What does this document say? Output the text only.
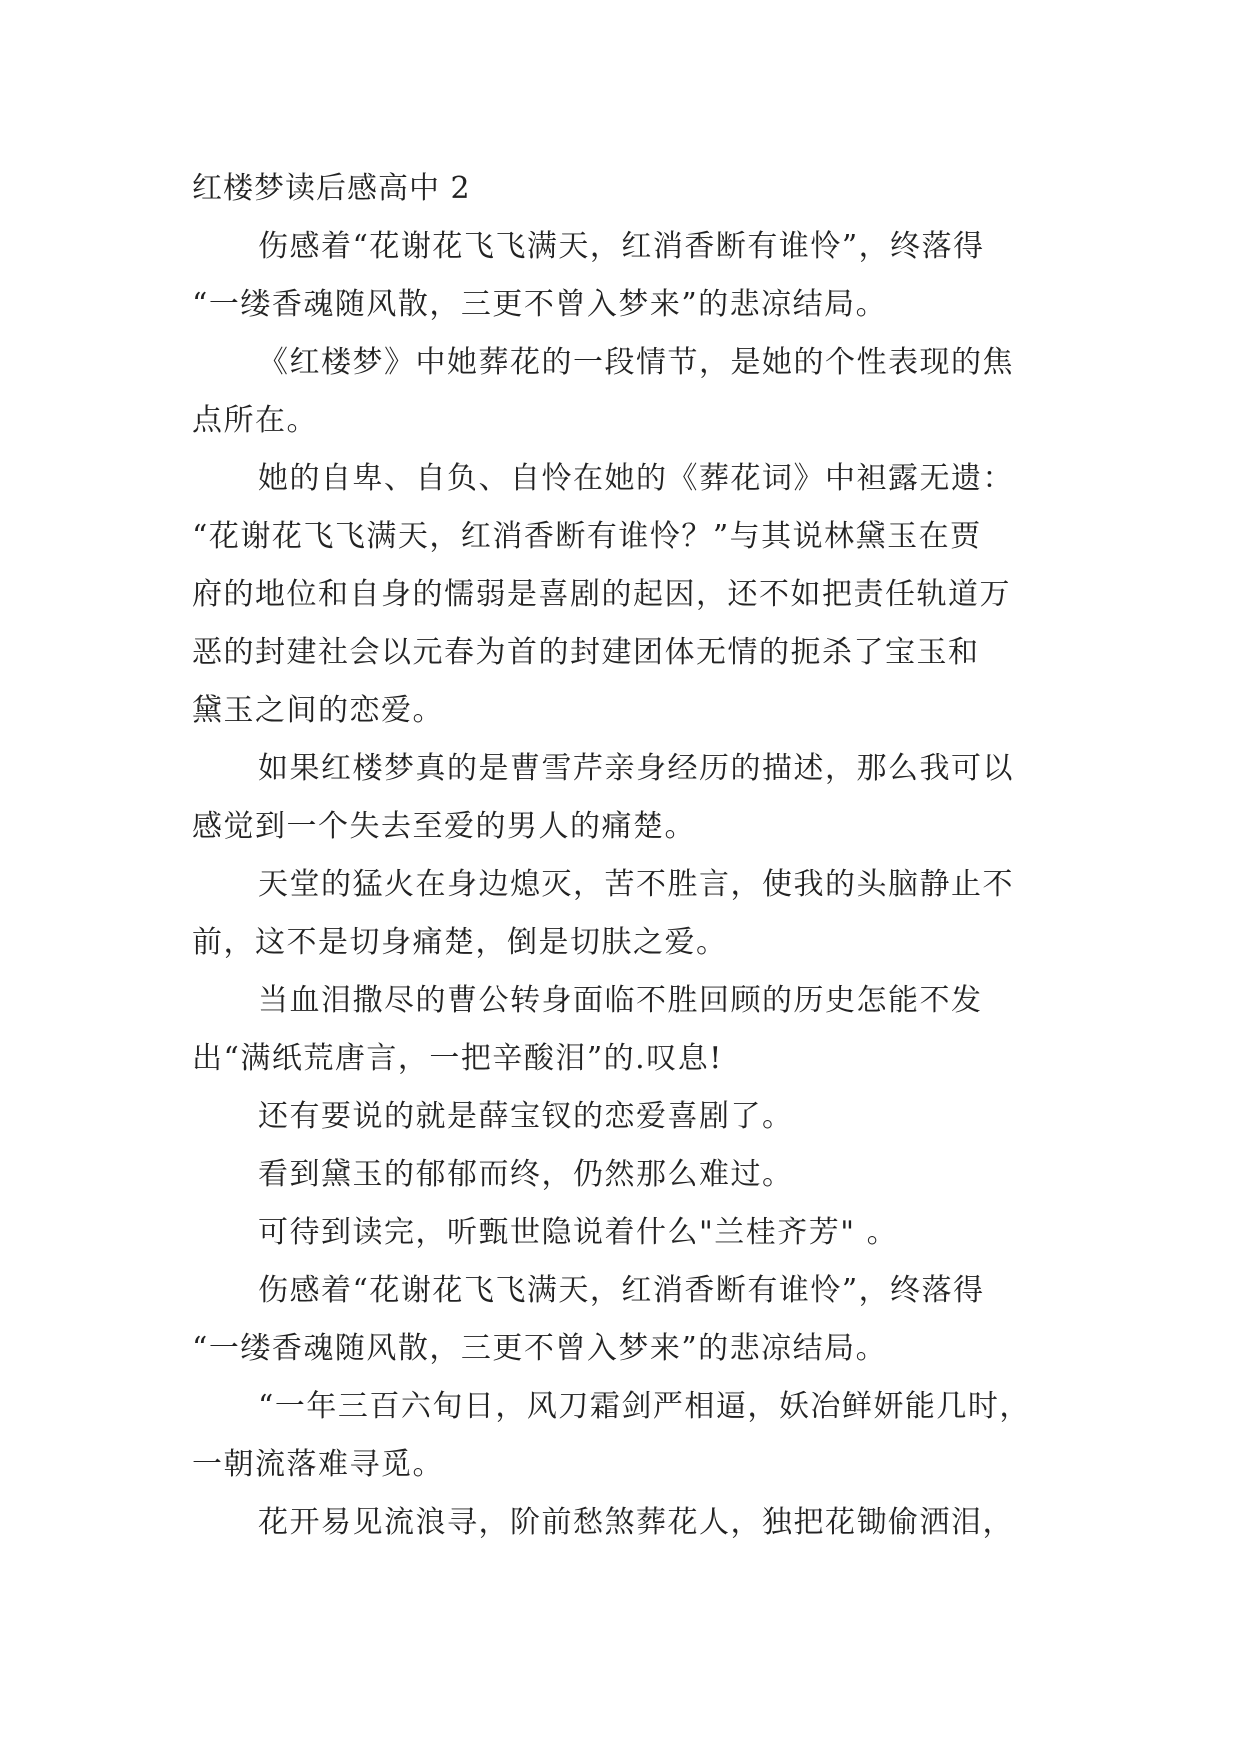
红楼梦读后感高中 2
伤感着“花谢花飞飞满天，红消香断有谁怜”，终落得
“一缕香魂随风散，三更不曾入梦来”的悲凉结局。
《红楼梦》中她葬花的一段情节，是她的个性表现的焦
点所在。
她的自卑、自负、自怜在她的《葬花词》中袒露无遗：
“花谢花飞飞满天，红消香断有谁怜？”与其说林黛玉在贾
府的地位和自身的懦弱是喜剧的起因，还不如把责任轨道万
恶的封建社会以元春为首的封建团体无情的扼杀了宝玉和
黛玉之间的恋爱。
如果红楼梦真的是曹雪芹亲身经历的描述，那么我可以
感觉到一个失去至爱的男人的痛楚。
天堂的猛火在身边熄灭，苦不胜言，使我的头脑静止不
前，这不是切身痛楚，倒是切肤之爱。
当血泪撒尽的曹公转身面临不胜回顾的历史怎能不发
出“满纸荒唐言，一把辛酸泪”的.叹息!
还有要说的就是薛宝钗的恋爱喜剧了。
看到黛玉的郁郁而终，仍然那么难过。
可待到读完，听甄世隐说着什么"兰桂齐芳" 。
伤感着“花谢花飞飞满天，红消香断有谁怜”，终落得
“一缕香魂随风散，三更不曾入梦来”的悲凉结局。
“一年三百六旬日，风刀霜剑严相逼，妖冶鲜妍能几时，
一朝流落难寻觅。
花开易见流浪寻，阶前愁煞葬花人，独把花锄偷洒泪，
